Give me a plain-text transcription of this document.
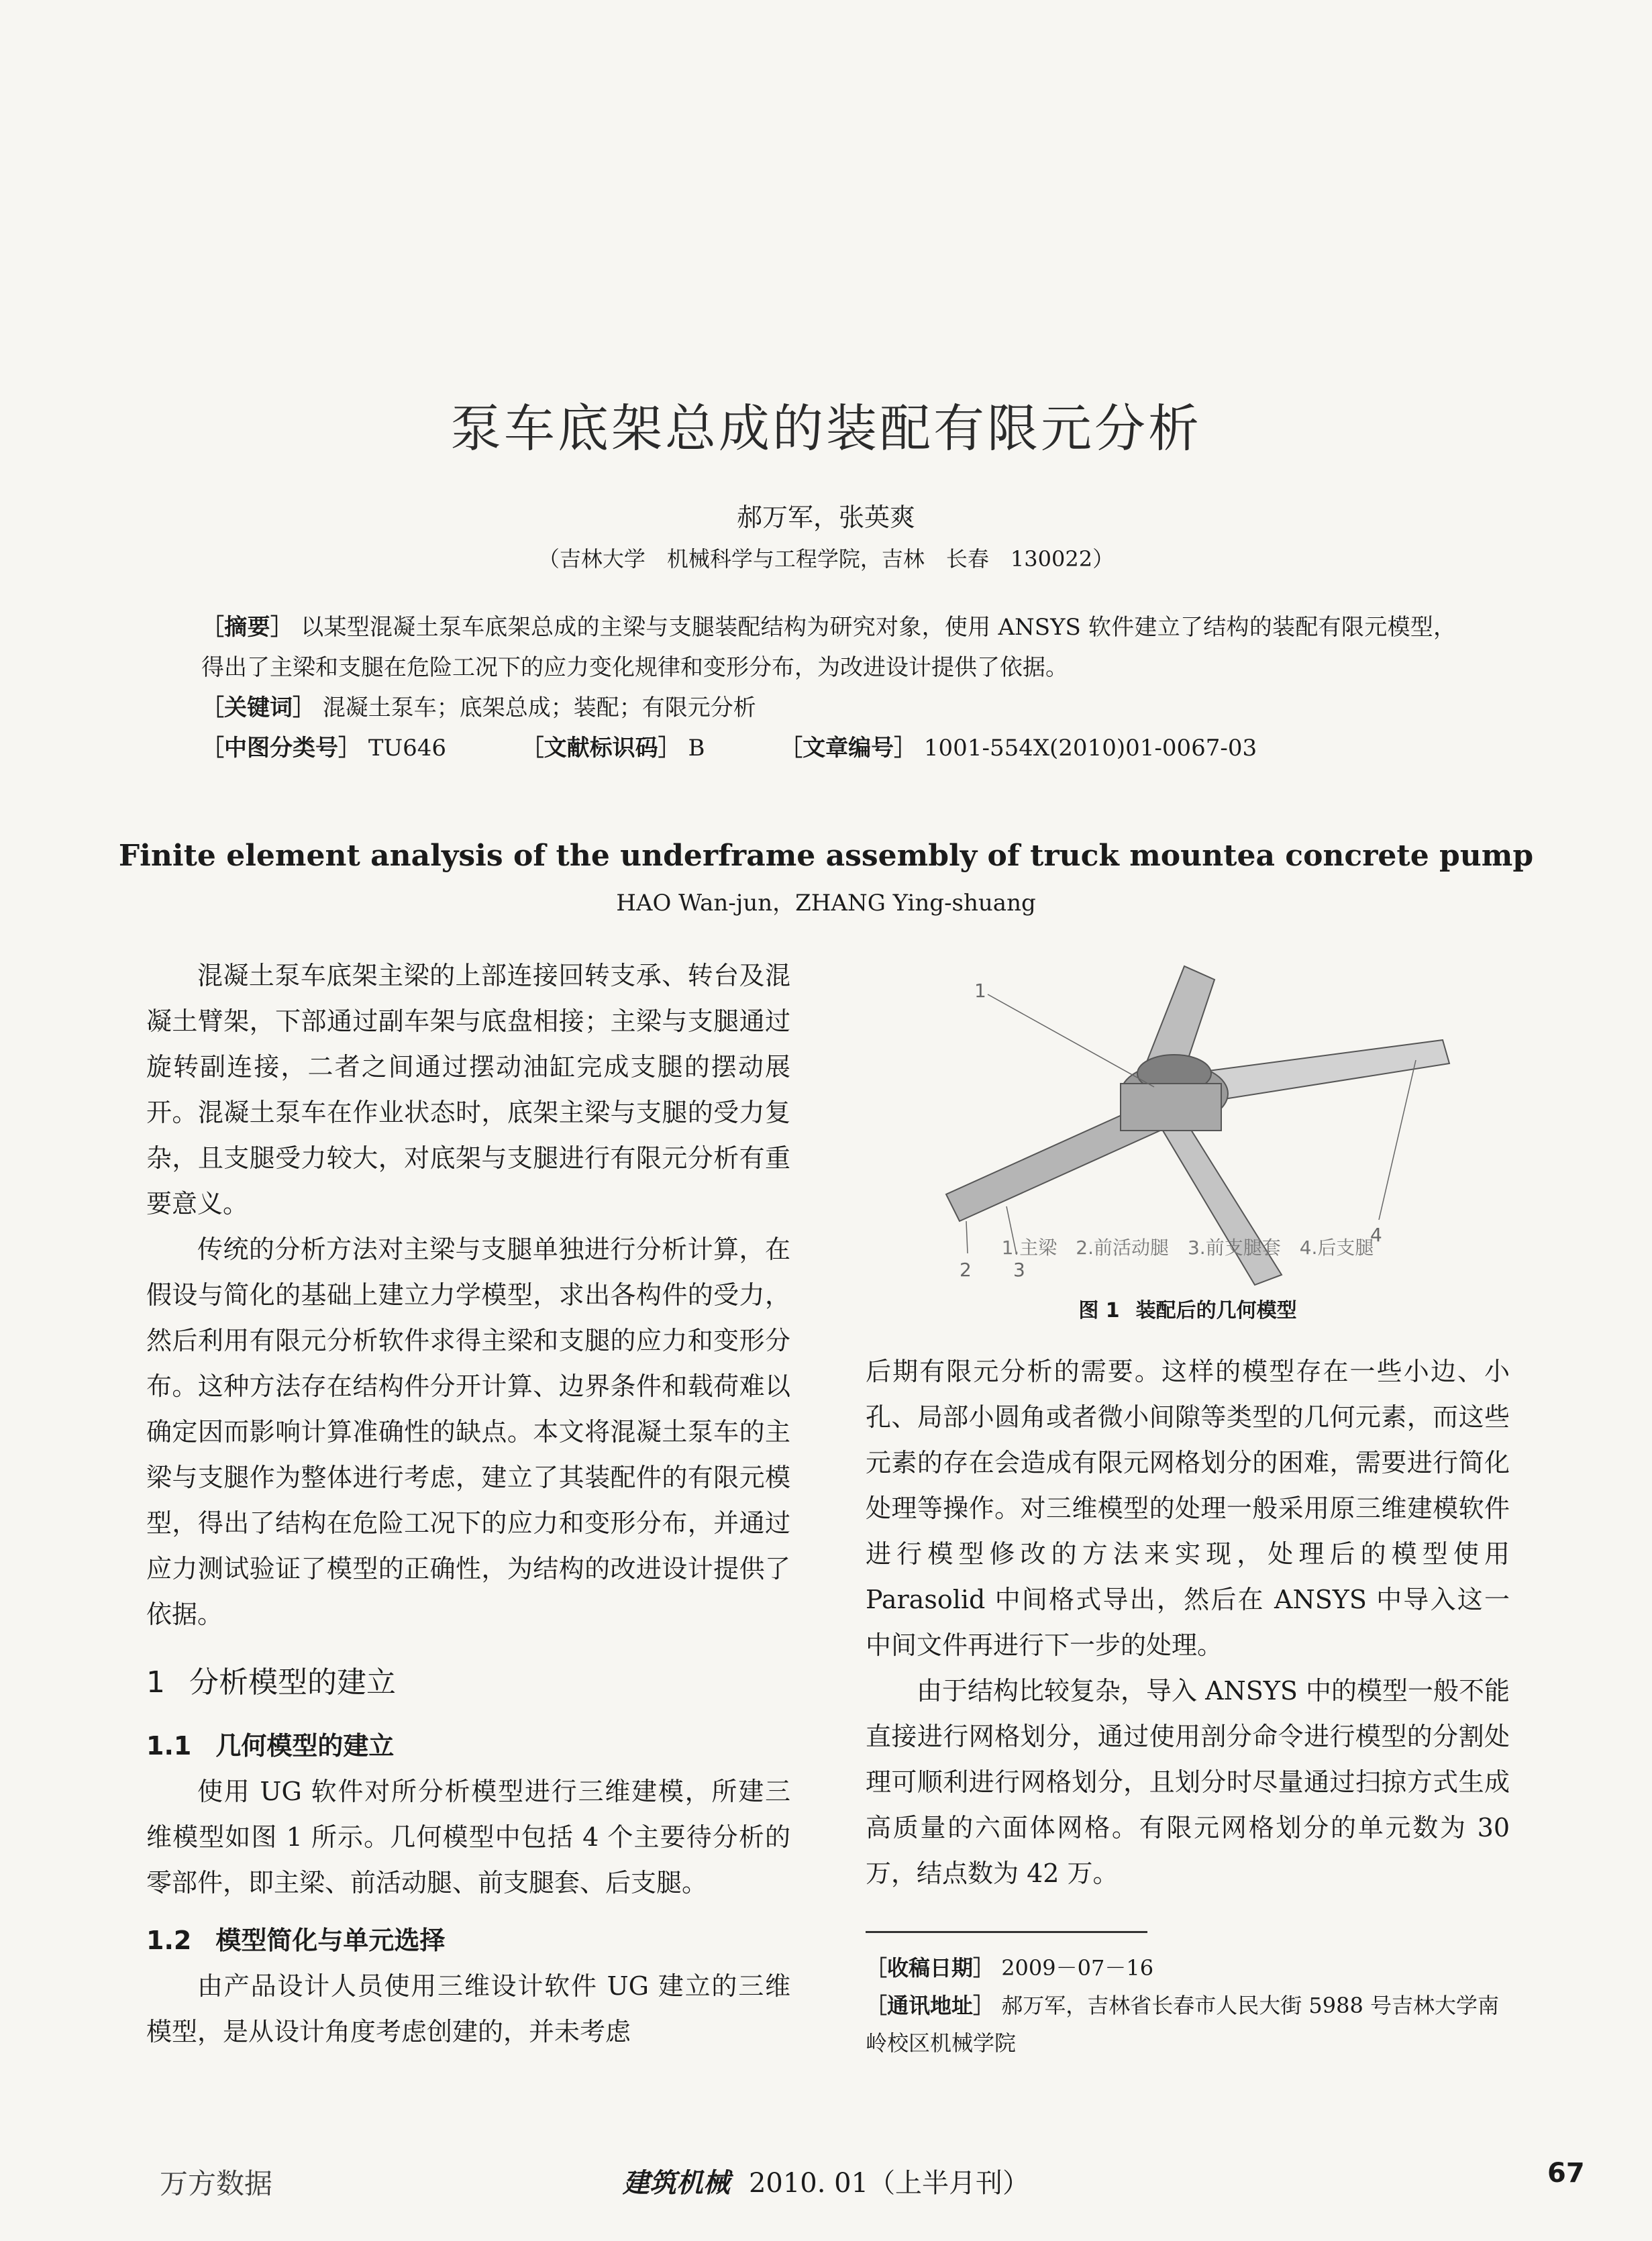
泵车底架总成的装配有限元分析
郝万军，张英爽
（吉林大学　机械科学与工程学院，吉林　长春　130022）
［摘要］ 以某型混凝土泵车底架总成的主梁与支腿装配结构为研究对象，使用 ANSYS 软件建立了结构的装配有限元模型，得出了主梁和支腿在危险工况下的应力变化规律和变形分布，为改进设计提供了依据。
［关键词］ 混凝土泵车；底架总成；装配；有限元分析
［中图分类号］ TU646	［文献标识码］ B	［文章编号］ 1001-554X(2010)01-0067-03
Finite element analysis of the underframe assembly of truck mountea concrete pump
HAO Wan-jun，ZHANG Ying-shuang

混凝土泵车底架主梁的上部连接回转支承、转台及混凝土臂架，下部通过副车架与底盘相接；主梁与支腿通过旋转副连接，二者之间通过摆动油缸完成支腿的摆动展开。混凝土泵车在作业状态时，底架主梁与支腿的受力复杂，且支腿受力较大，对底架与支腿进行有限元分析有重要意义。

传统的分析方法对主梁与支腿单独进行分析计算，在假设与简化的基础上建立力学模型，求出各构件的受力，然后利用有限元分析软件求得主梁和支腿的应力和变形分布。这种方法存在结构件分开计算、边界条件和载荷难以确定因而影响计算准确性的缺点。本文将混凝土泵车的主梁与支腿作为整体进行考虑，建立了其装配件的有限元模型，得出了结构在危险工况下的应力和变形分布，并通过应力测试验证了模型的正确性，为结构的改进设计提供了依据。

1 分析模型的建立
1.1 几何模型的建立

使用 UG 软件对所分析模型进行三维建模，所建三维模型如图 1 所示。几何模型中包括 4 个主要待分析的零部件，即主梁、前活动腿、前支腿套、后支腿。

1.2 模型简化与单元选择

由产品设计人员使用三维设计软件 UG 建立的三维模型，是从设计角度考虑创建的，并未考虑

1
2 3
4
1.主梁　2.前活动腿　3.前支腿套　4.后支腿
图 1 装配后的几何模型

后期有限元分析的需要。这样的模型存在一些小边、小孔、局部小圆角或者微小间隙等类型的几何元素，而这些元素的存在会造成有限元网格划分的困难，需要进行简化处理等操作。对三维模型的处理一般采用原三维建模软件进行模型修改的方法来实现，处理后的模型使用 Parasolid 中间格式导出，然后在 ANSYS 中导入这一中间文件再进行下一步的处理。

由于结构比较复杂，导入 ANSYS 中的模型一般不能直接进行网格划分，通过使用剖分命令进行模型的分割处理可顺利进行网格划分，且划分时尽量通过扫掠方式生成高质量的六面体网格。有限元网格划分的单元数为 30 万，结点数为 42 万。

［收稿日期］ 2009－07－16
［通讯地址］ 郝万军，吉林省长春市人民大街 5988 号吉林大学南岭校区机械学院
万方数据	建筑机械 2010. 01（上半月刊）	67
